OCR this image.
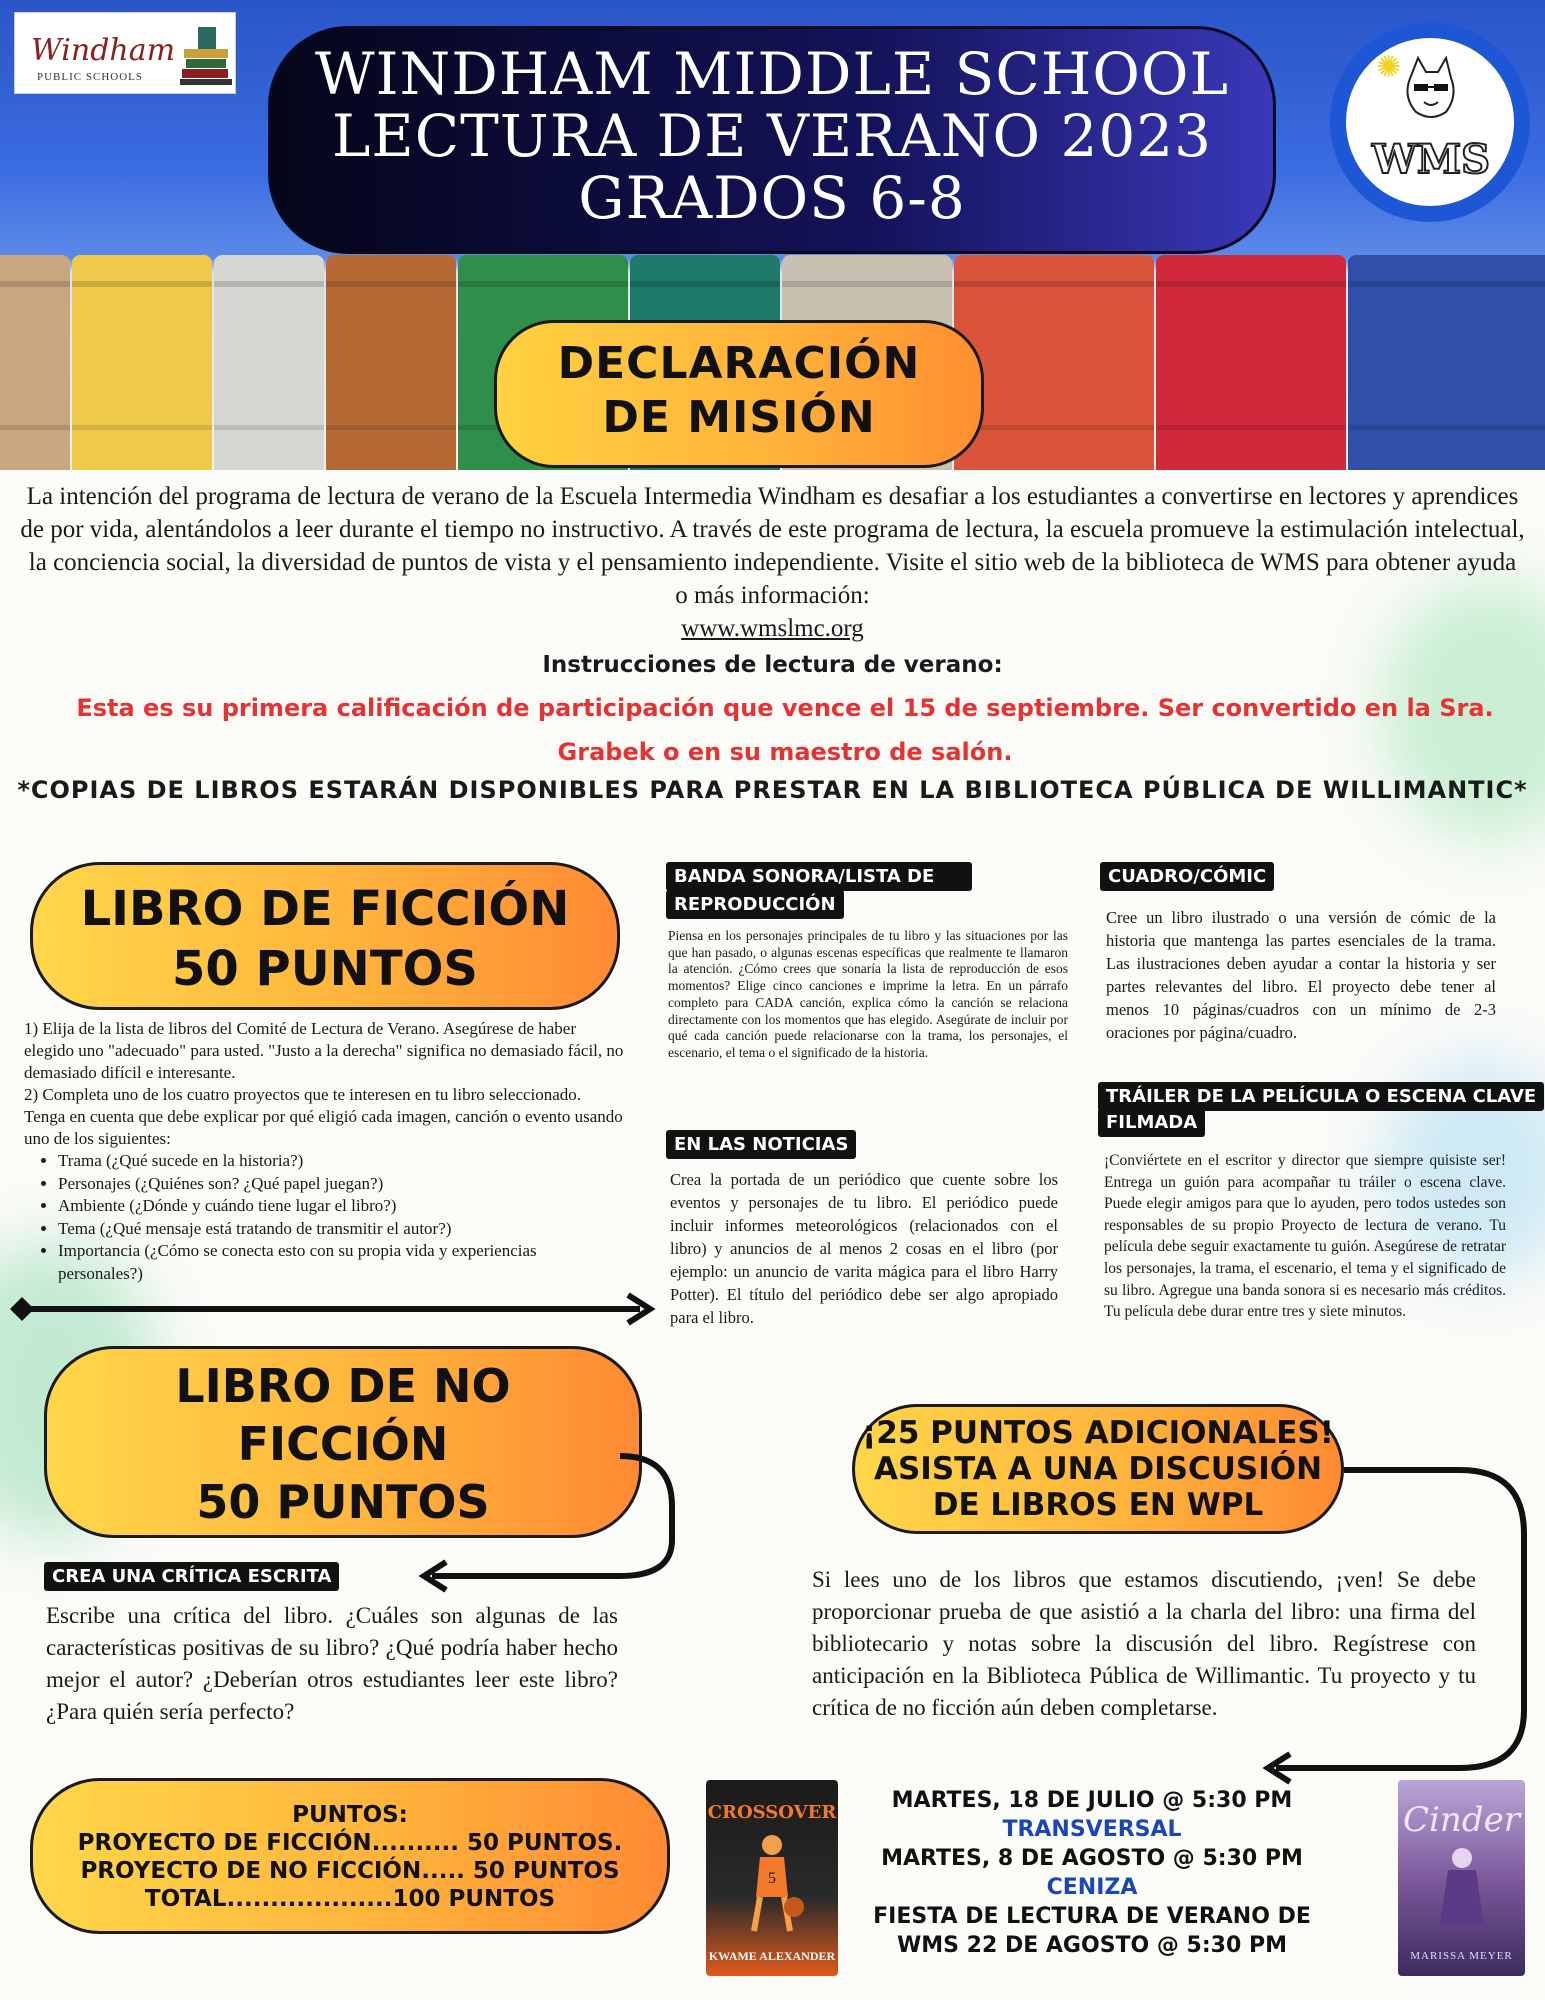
Windham
PUBLIC SCHOOLS	WINDHAM MIDDLE SCHOOL
LECTURA DE VERANO 2023
GRADOS 6-8
✺
WMS
DECLARACIÓN
DE MISIÓN
La intención del programa de lectura de verano de la Escuela Intermedia Windham es desafiar a los estudiantes a convertirse en lectores y aprendices de por vida, alentándolos a leer durante el tiempo no instructivo. A través de este programa de lectura, la escuela promueve la estimulación intelectual, la conciencia social, la diversidad de puntos de vista y el pensamiento independiente. Visite el sitio web de la biblioteca de WMS para obtener ayuda o más información:
www.wmslmc.org
Instrucciones de lectura de verano:
Esta es su primera calificación de participación que vence el 15 de septiembre. Ser convertido en la Sra. Grabek o en su maestro de salón.
*COPIAS DE LIBROS ESTARÁN DISPONIBLES PARA PRESTAR EN LA BIBLIOTECA PÚBLICA DE WILLIMANTIC*
LIBRO DE FICCIÓN
50 PUNTOS

1) Elija de la lista de libros del Comité de Lectura de Verano. Asegúrese de haber elegido uno "adecuado" para usted. "Justo a la derecha" significa no demasiado fácil, no demasiado difícil e interesante.

2) Completa uno de los cuatro proyectos que te interesen en tu libro seleccionado. Tenga en cuenta que debe explicar por qué eligió cada imagen, canción o evento usando uno de los siguientes:

• Trama (¿Qué sucede en la historia?)
• Personajes (¿Quiénes son? ¿Qué papel juegan?)
• Ambiente (¿Dónde y cuándo tiene lugar el libro?)
• Tema (¿Qué mensaje está tratando de transmitir el autor?)
• Importancia (¿Cómo se conecta esto con su propia vida y experiencias personales?)
BANDA SONORA/LISTA DE
REPRODUCCIÓN
Piensa en los personajes principales de tu libro y las situaciones por las que han pasado, o algunas escenas específicas que realmente te llamaron la atención. ¿Cómo crees que sonaría la lista de reproducción de esos momentos? Elige cinco canciones e imprime la letra. En un párrafo completo para CADA canción, explica cómo la canción se relaciona directamente con los momentos que has elegido. Asegúrate de incluir por qué cada canción puede relacionarse con la trama, los personajes, el escenario, el tema o el significado de la historia.
EN LAS NOTICIAS
Crea la portada de un periódico que cuente sobre los eventos y personajes de tu libro. El periódico puede incluir informes meteorológicos (relacionados con el libro) y anuncios de al menos 2 cosas en el libro (por ejemplo: un anuncio de varita mágica para el libro Harry Potter). El título del periódico debe ser algo apropiado para el libro.
CUADRO/CÓMIC
Cree un libro ilustrado o una versión de cómic de la historia que mantenga las partes esenciales de la trama. Las ilustraciones deben ayudar a contar la historia y ser partes relevantes del libro. El proyecto debe tener al menos 10 páginas/cuadros con un mínimo de 2-3 oraciones por página/cuadro.
TRÁILER DE LA PELÍCULA O ESCENA CLAVE
FILMADA
¡Conviértete en el escritor y director que siempre quisiste ser! Entrega un guión para acompañar tu tráiler o escena clave. Puede elegir amigos para que lo ayuden, pero todos ustedes son responsables de su propio Proyecto de lectura de verano. Tu película debe seguir exactamente tu guión. Asegúrese de retratar los personajes, la trama, el escenario, el tema y el significado de su libro. Agregue una banda sonora si es necesario más créditos. Tu película debe durar entre tres y siete minutos.
LIBRO DE NO
FICCIÓN
50 PUNTOS
CREA UNA CRÍTICA ESCRITA
Escribe una crítica del libro. ¿Cuáles son algunas de las características positivas de su libro? ¿Qué podría haber hecho mejor el autor? ¿Deberían otros estudiantes leer este libro? ¿Para quién sería perfecto?
¡25 PUNTOS ADICIONALES!
ASISTA A UNA DISCUSIÓN
DE LIBROS EN WPL
Si lees uno de los libros que estamos discutiendo, ¡ven! Se debe proporcionar prueba de que asistió a la charla del libro: una firma del bibliotecario y notas sobre la discusión del libro. Regístrese con anticipación en la Biblioteca Pública de Willimantic. Tu proyecto y tu crítica de no ficción aún deben completarse.
PUNTOS:
PROYECTO DE FICCIÓN.......... 50 PUNTOS.
PROYECTO DE NO FICCIÓN..... 50 PUNTOS
TOTAL...................100 PUNTOS
CROSSOVER
5
KWAME ALEXANDER
Cinder
MARISSA MEYER
MARTES, 18 DE JULIO @ 5:30 PM
TRANSVERSAL
MARTES, 8 DE AGOSTO @ 5:30 PM
CENIZA
FIESTA DE LECTURA DE VERANO DE WMS 22 DE AGOSTO @ 5:30 PM
